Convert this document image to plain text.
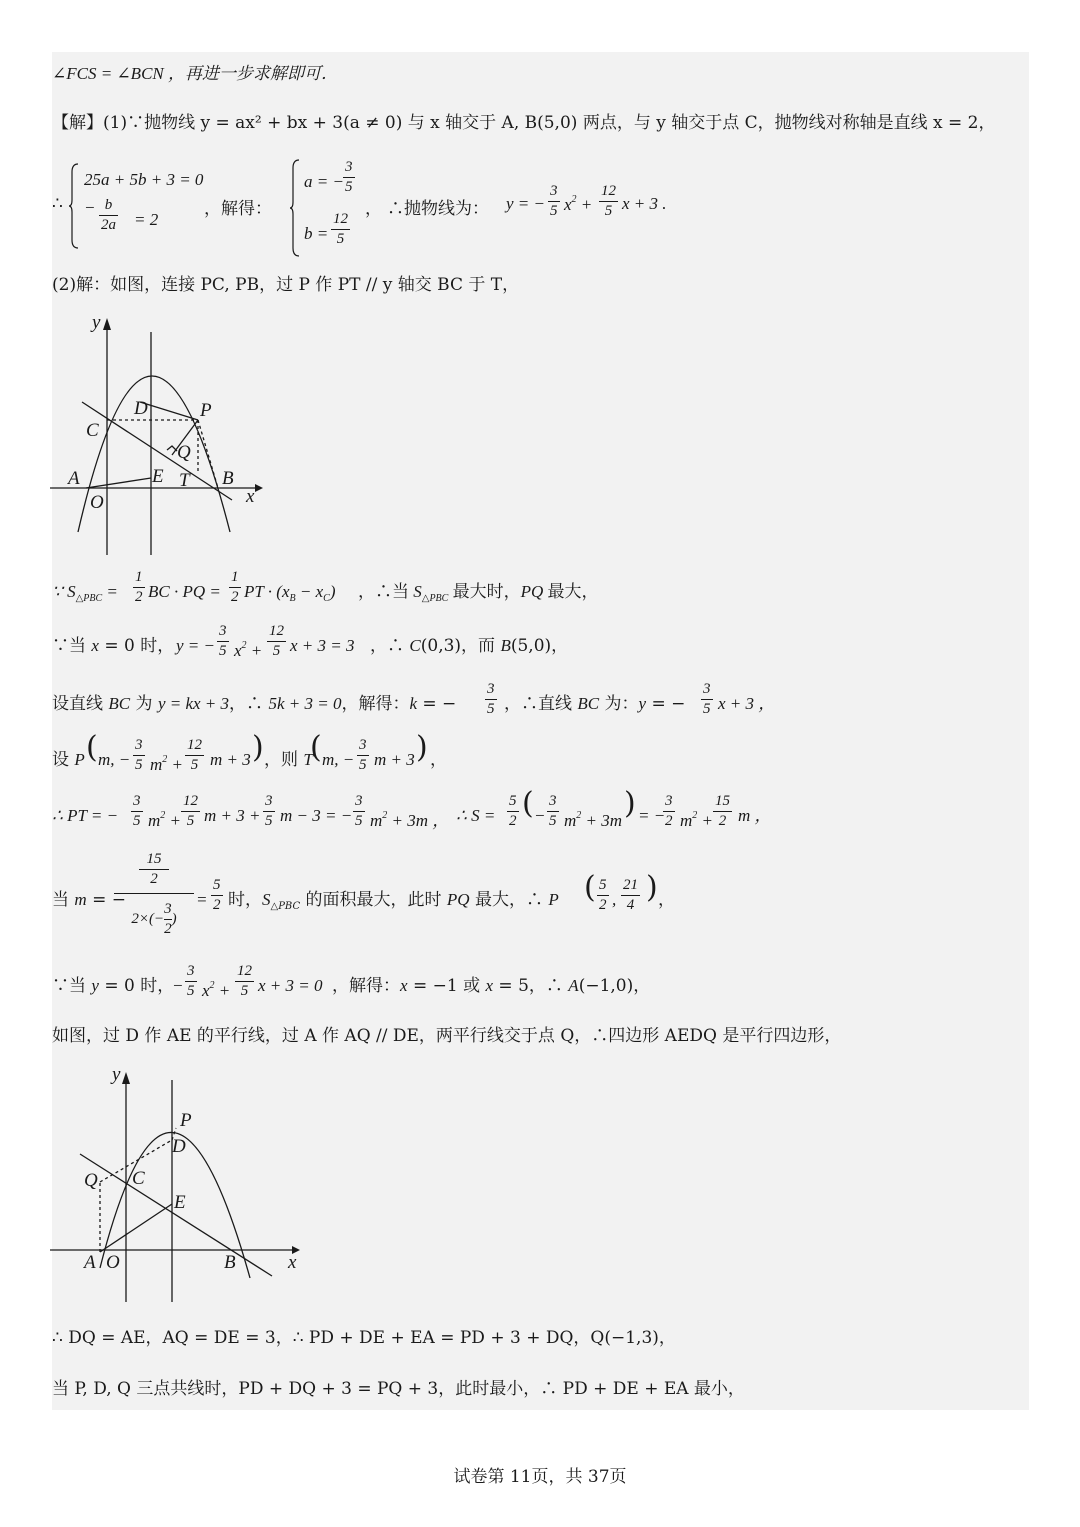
∠FCS = ∠BCN ，再进一步求解即可．
【解】(1)∵抛物线 y = ax² + bx + 3(a ≠ 0) 与 x 轴交于 A, B(5,0) 两点，与 y 轴交于点 C，抛物线对称轴是直线 x = 2，
∴
25a + 5b + 3 = 0
− $\frac{b}{2a} = 2$
，解得：
a = − $\frac{3}{5}$
$b = \frac{12}{5}$
， ∴抛物线为： y = − $\frac{3}{5} x^2 + \frac{12}{5}$ x + 3 .
(2)解：如图，连接 PC, PB，过 P 作 PT // y 轴交 BC 于 T，
y
x
D	P
C
Q
A	E T B
O
∵ $S_{\triangle PBC} = \frac{1}{2}$ BC · PQ = $\frac{1}{2}$ PT · $(x_B - x_C)$ ，∴当 $S_{\triangle PBC}$ 最大时，PQ 最大，
∵当 x = 0 时， y = − $\frac{3}{5} x^2 + \frac{12}{5}$ x + 3 = 3 ，∴ C(0,3)，而 B(5,0)，
设直线 BC 为 y = kx + 3，∴ 5k + 3 = 0，解得：k = − $\frac{3}{5}$ ，∴直线 BC 为：y = − $\frac{3}{5}$ x + 3 ，
设 P ( m, − $\frac{3}{5} m^2 + \frac{12}{5}$ m + 3 ) ，则 T
( m, − $\frac{3}{5}$ m + 3 ) ，
∴ PT = − $\frac{3}{5} m^2 + \frac{12}{5}$ $m + 3 + \frac{3}{5}$ m − 3 = − $\frac{3}{5} m^2 + 3m$ ， ∴ $S = \frac{5}{2}$ ( − $\frac{3}{5} m^2 + 3m$ ) = −
$\frac{3}{2} m^2 + \frac{15}{2}$ m ，
当 m = −
15
2
$2\times(- \frac{3}{2}$ )
= $\frac{5}{2}$ 时，$S_{\triangle PBC}$ 的面积最大，此时 PQ 最大，∴ P ( $\frac{5}{2}$ , $\frac{21}{4}$ ) ，
∵当 y = 0 时，
− $\frac{3}{5} x^2 + \frac{12}{5}$ x + 3 = 0 ，解得：x = −1 或 x = 5，∴ A(−1,0)，
如图，过 D 作 AE 的平行线，过 A 作 AQ // DE，两平行线交于点 Q，∴四边形 AEDQ 是平行四边形，
y
x
P
D
Q C
E
A O	B
∴ DQ = AE，AQ = DE = 3，∴ PD + DE + EA = PD + 3 + DQ，Q(−1,3)，
当 P, D, Q 三点共线时，PD + DQ + 3 = PQ + 3，此时最小，∴ PD + DE + EA 最小，
试卷第 11页，共 37页
